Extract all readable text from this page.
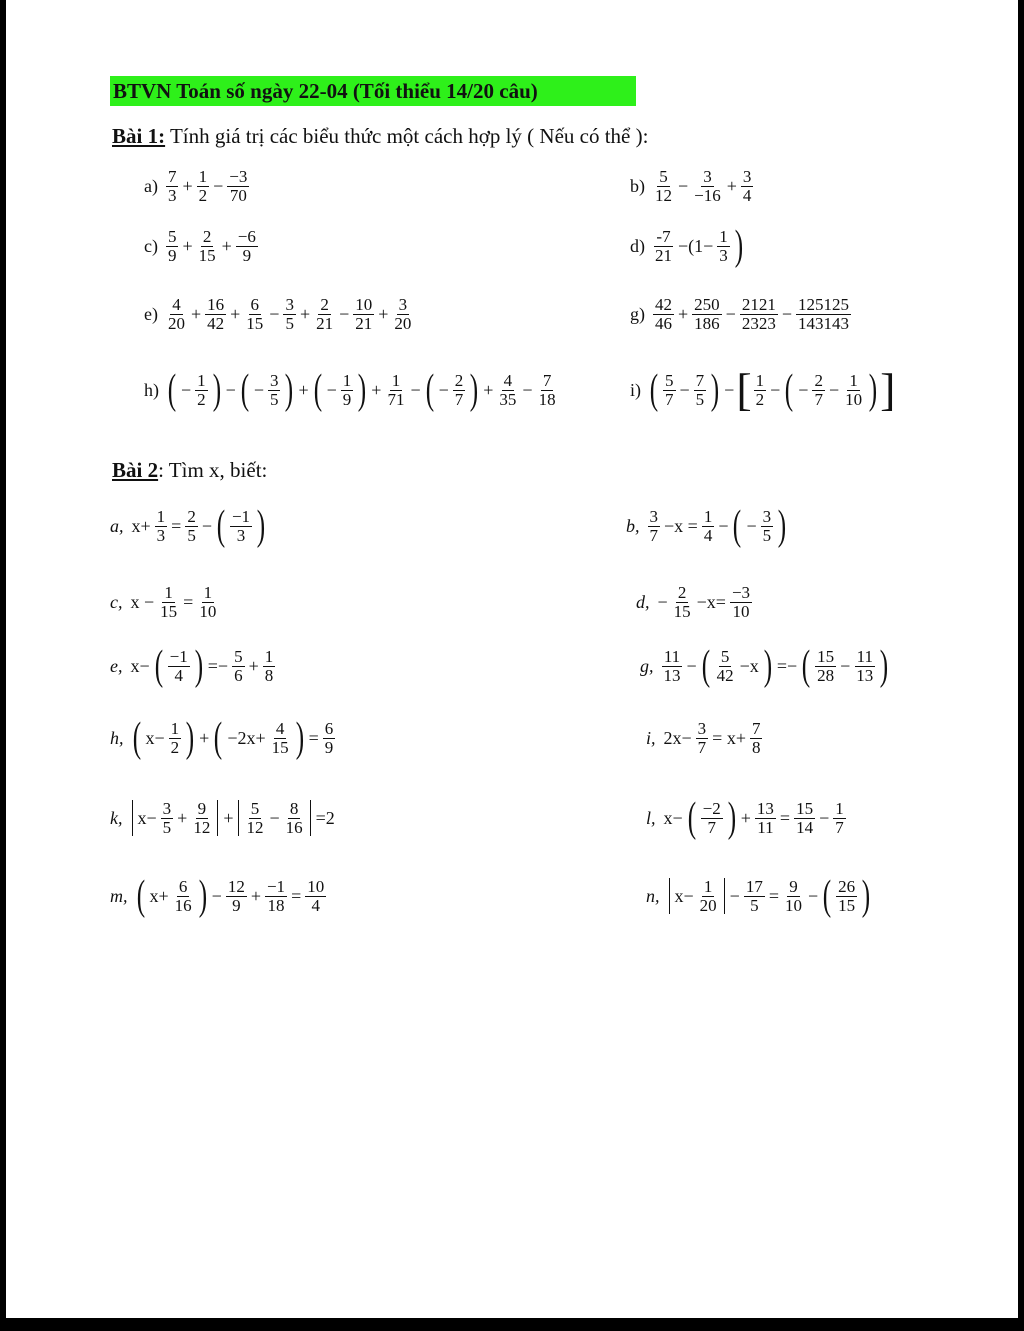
BTVN Toán số ngày 22-04 (Tối thiểu 14/20 câu)
Bài 1: Tính giá trị các biểu thức một cách hợp lý ( Nếu có thể ):
$a) \frac{7}{3} + \frac{1}{2} - \frac{-3}{70}$	$b) \frac{5}{12} - \frac{3}{-16} + \frac{3}{4}$
$c) \frac{5}{9} + \frac{2}{15} + \frac{-6}{9}$	$d) \frac{-7}{21} -(1- \frac{1}{3}$ )
$e) \frac{4}{20} + \frac{16}{42} + \frac{6}{15} - \frac{3}{5} + \frac{2}{21} - \frac{10}{21} + \frac{3}{20}$	$g) \frac{42}{46} + \frac{250}{186} - \frac{2121}{2323} - \frac{125125}{143143}$
h) ( − $\frac{1}{2}$ ) − ( − $\frac{3}{5}$ ) + ( − $\frac{1}{9}$ ) + $\frac{1}{71}$ − ( − $\frac{2}{7}$ ) + $\frac{4}{35} - \frac{7}{18}$	i) ( $\frac{5}{7} - \frac{7}{5}$ ) − [ $\frac{1}{2}$ − ( − $\frac{2}{7} - \frac{1}{10}$ ) ]
Bài 2: Tìm x, biết:
a, $x+ \frac{1}{3} = \frac{2}{5}$ − ( $\frac{-1}{3}$ )	b, $\frac{3}{7} -x = \frac{1}{4}$ − ( − $\frac{3}{5}$ )
c, $x - \frac{1}{15} = \frac{1}{10}$	d, − $\frac{2}{15} -x= \frac{-3}{10}$
e, x− ( $\frac{-1}{4}$ ) =− $\frac{5}{6} + \frac{1}{8}$	g, $\frac{11}{13}$ − ( $\frac{5}{42} -x$ ) =− ( $\frac{15}{28} - \frac{11}{13}$ )
h, ( $x- \frac{1}{2}$ ) + ( $-2x+ \frac{4}{15}$ ) = $\frac{6}{9}$	i, $2x- \frac{3}{7} = x+ \frac{7}{8}$
k, $x- \frac{3}{5} + \frac{9}{12} + \frac{5}{12} - \frac{8}{16} =2$	l, x− ( $\frac{-2}{7}$ ) + $\frac{13}{11} = \frac{15}{14} - \frac{1}{7}$
m, ( $x+ \frac{6}{16}$ ) − $\frac{12}{9} + \frac{-1}{18} = \frac{10}{4}$	n, $x- \frac{1}{20} - \frac{17}{5} = \frac{9}{10}$ − ( $\frac{26}{15}$ )
